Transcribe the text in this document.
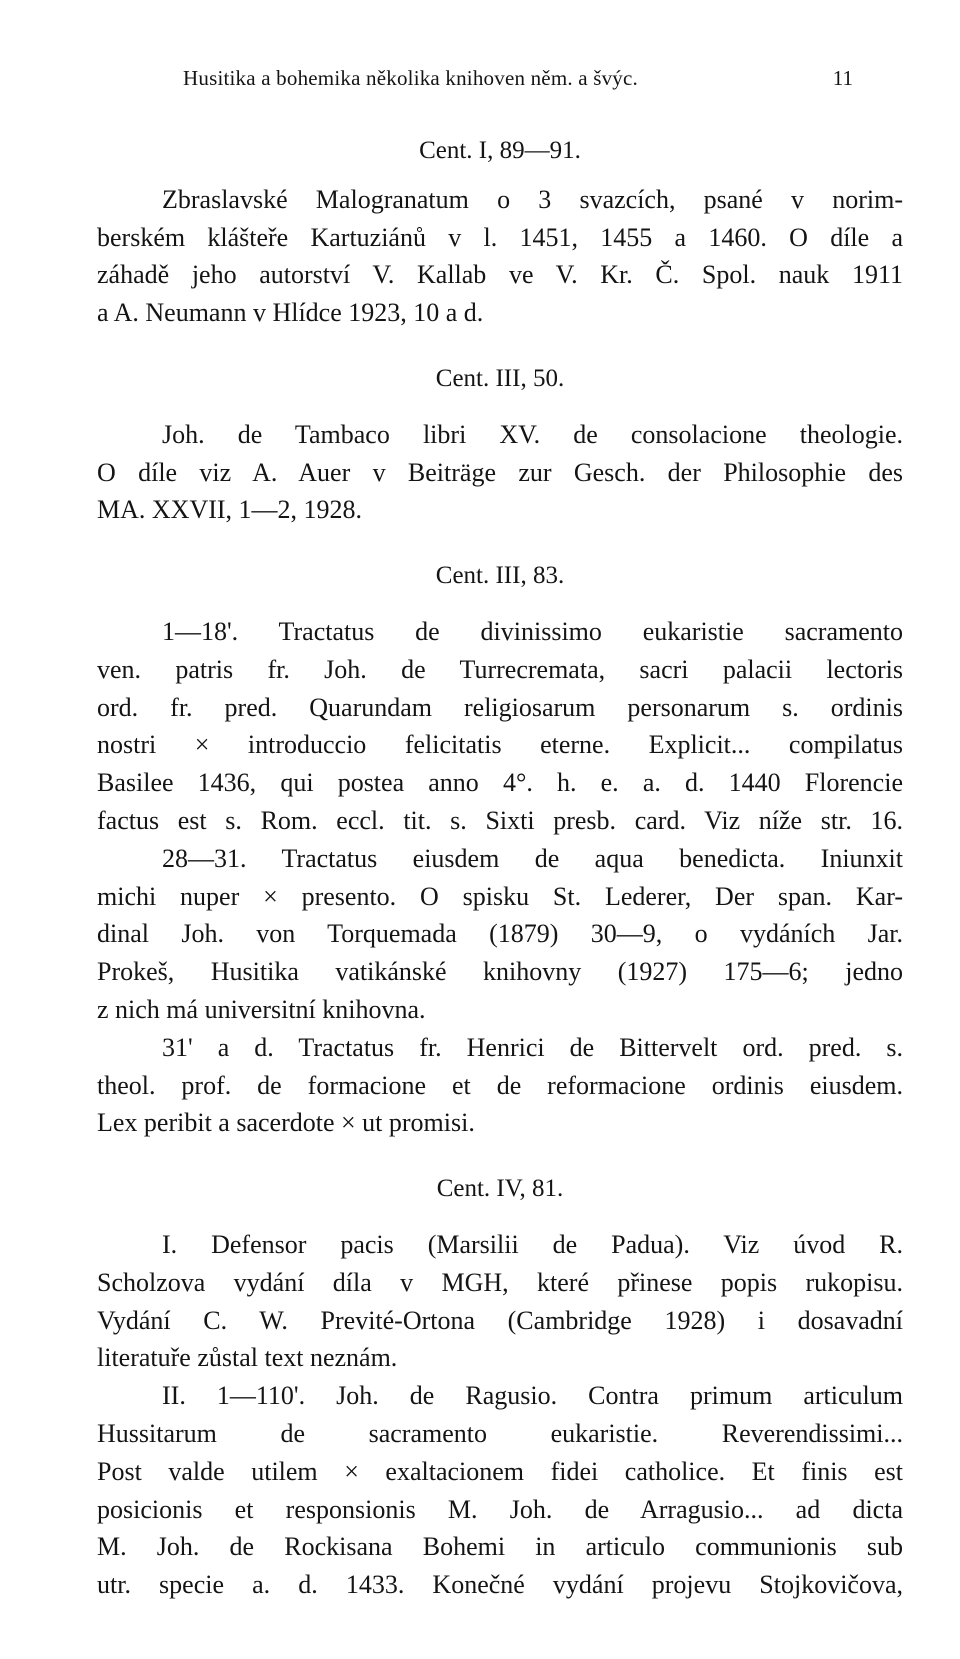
Husitika a bohemika několika knihoven něm. a švýc.	11
Cent. I, 89—91.
Zbraslavské Malogranatum o 3 svazcích, psané v norim-
berském klášteře Kartuziánů v l. 1451, 1455 a 1460. O díle a
záhadě jeho autorství V. Kallab ve V. Kr. Č. Spol. nauk 1911
a A. Neumann v Hlídce 1923, 10 a d.
Cent. III, 50.
Joh. de Tambaco libri XV. de consolacione theologie.
O díle viz A. Auer v Beiträge zur Gesch. der Philosophie des
MA. XXVII, 1—2, 1928.
Cent. III, 83.
1—18'. Tractatus de divinissimo eukaristie sacramento
ven. patris fr. Joh. de Turrecremata, sacri palacii lectoris
ord. fr. pred. Quarundam religiosarum personarum s. ordinis
nostri × introduccio felicitatis eterne. Explicit... compilatus
Basilee 1436, qui postea anno 4°. h. e. a. d. 1440 Florencie
factus est s. Rom. eccl. tit. s. Sixti presb. card. Viz níže str. 16.
28—31. Tractatus eiusdem de aqua benedicta. Iniunxit
michi nuper × presento. O spisku St. Lederer, Der span. Kar-
dinal Joh. von Torquemada (1879) 30—9, o vydáních Jar.
Prokeš, Husitika vatikánské knihovny (1927) 175—6; jedno
z nich má universitní knihovna.
31' a d. Tractatus fr. Henrici de Bittervelt ord. pred. s.
theol. prof. de formacione et de reformacione ordinis eiusdem.
Lex peribit a sacerdote × ut promisi.
Cent. IV, 81.
I. Defensor pacis (Marsilii de Padua). Viz úvod R.
Scholzova vydání díla v MGH, které přinese popis rukopisu.
Vydání C. W. Previté-Ortona (Cambridge 1928) i dosavadní
literatuře zůstal text neznám.
II. 1—110'. Joh. de Ragusio. Contra primum articulum
Hussitarum de sacramento eukaristie. Reverendissimi...
Post valde utilem × exaltacionem fidei catholice. Et finis est
posicionis et responsionis M. Joh. de Arragusio... ad dicta
M. Joh. de Rockisana Bohemi in articulo communionis sub
utr. specie a. d. 1433. Konečné vydání projevu Stojkovičova,
